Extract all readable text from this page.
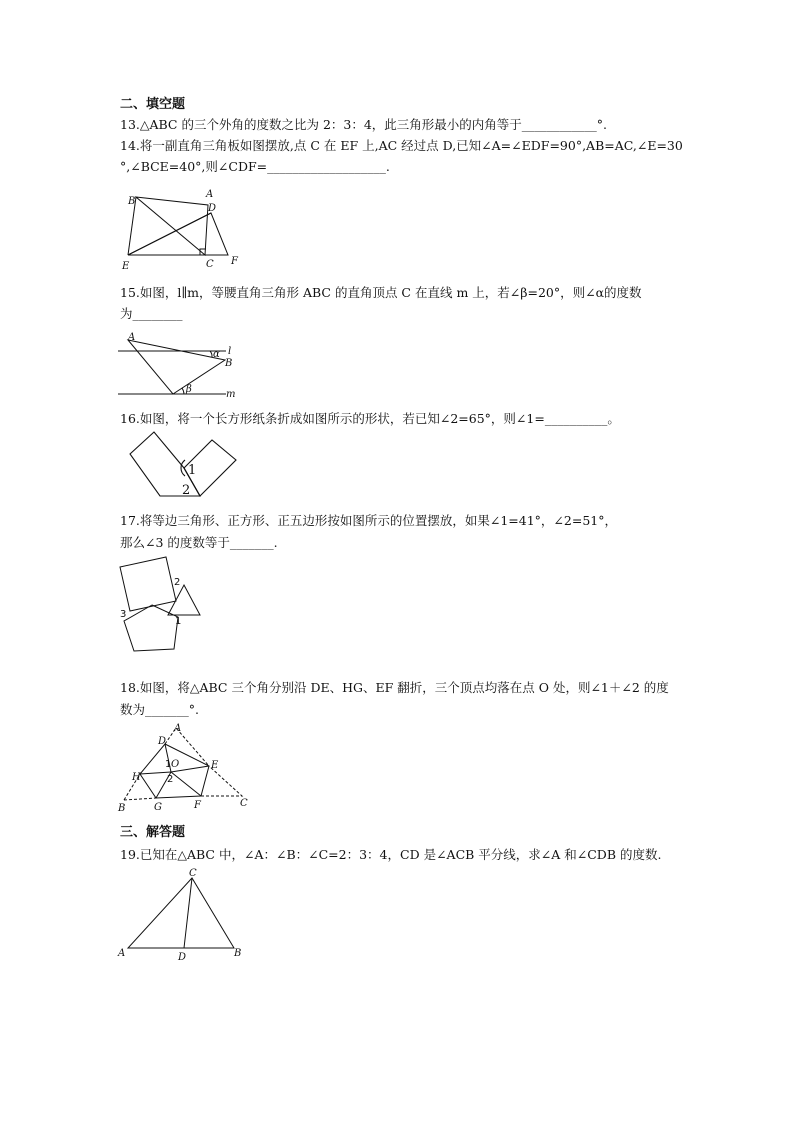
二、填空题
13.△ABC 的三个外角的度数之比为 2：3：4，此三角形最小的内角等于____________°.
14.将一副直角三角板如图摆放,点 C 在 EF 上,AC 经过点 D,已知∠A=∠EDF=90°,AB=AC,∠E=30
°,∠BCE=40°,则∠CDF=___________________.
B
A
D
E	C F
15.如图，l∥m，等腰直角三角形 ABC 的直角顶点 C 在直线 m 上，若∠β=20°，则∠α的度数
为________
A
l
B
m
α
β
16.如图，将一个长方形纸条折成如图所示的形状，若已知∠2=65°，则∠1=__________。
1
2
17.将等边三角形、正方形、正五边形按如图所示的位置摆放，如果∠1=41°，∠2=51°，
那么∠3 的度数等于_______.
2
1
3
18.如图，将△ABC 三个角分别沿 DE、HG、EF 翻折，三个顶点均落在点 O 处，则∠1＋∠2 的度
数为_______°.
A
D
E
O
H
1
2
B	G	F	C
三、解答题
19.已知在△ABC 中，∠A：∠B：∠C=2：3：4，CD 是∠ACB 平分线，求∠A 和∠CDB 的度数.
C
A	D	B
